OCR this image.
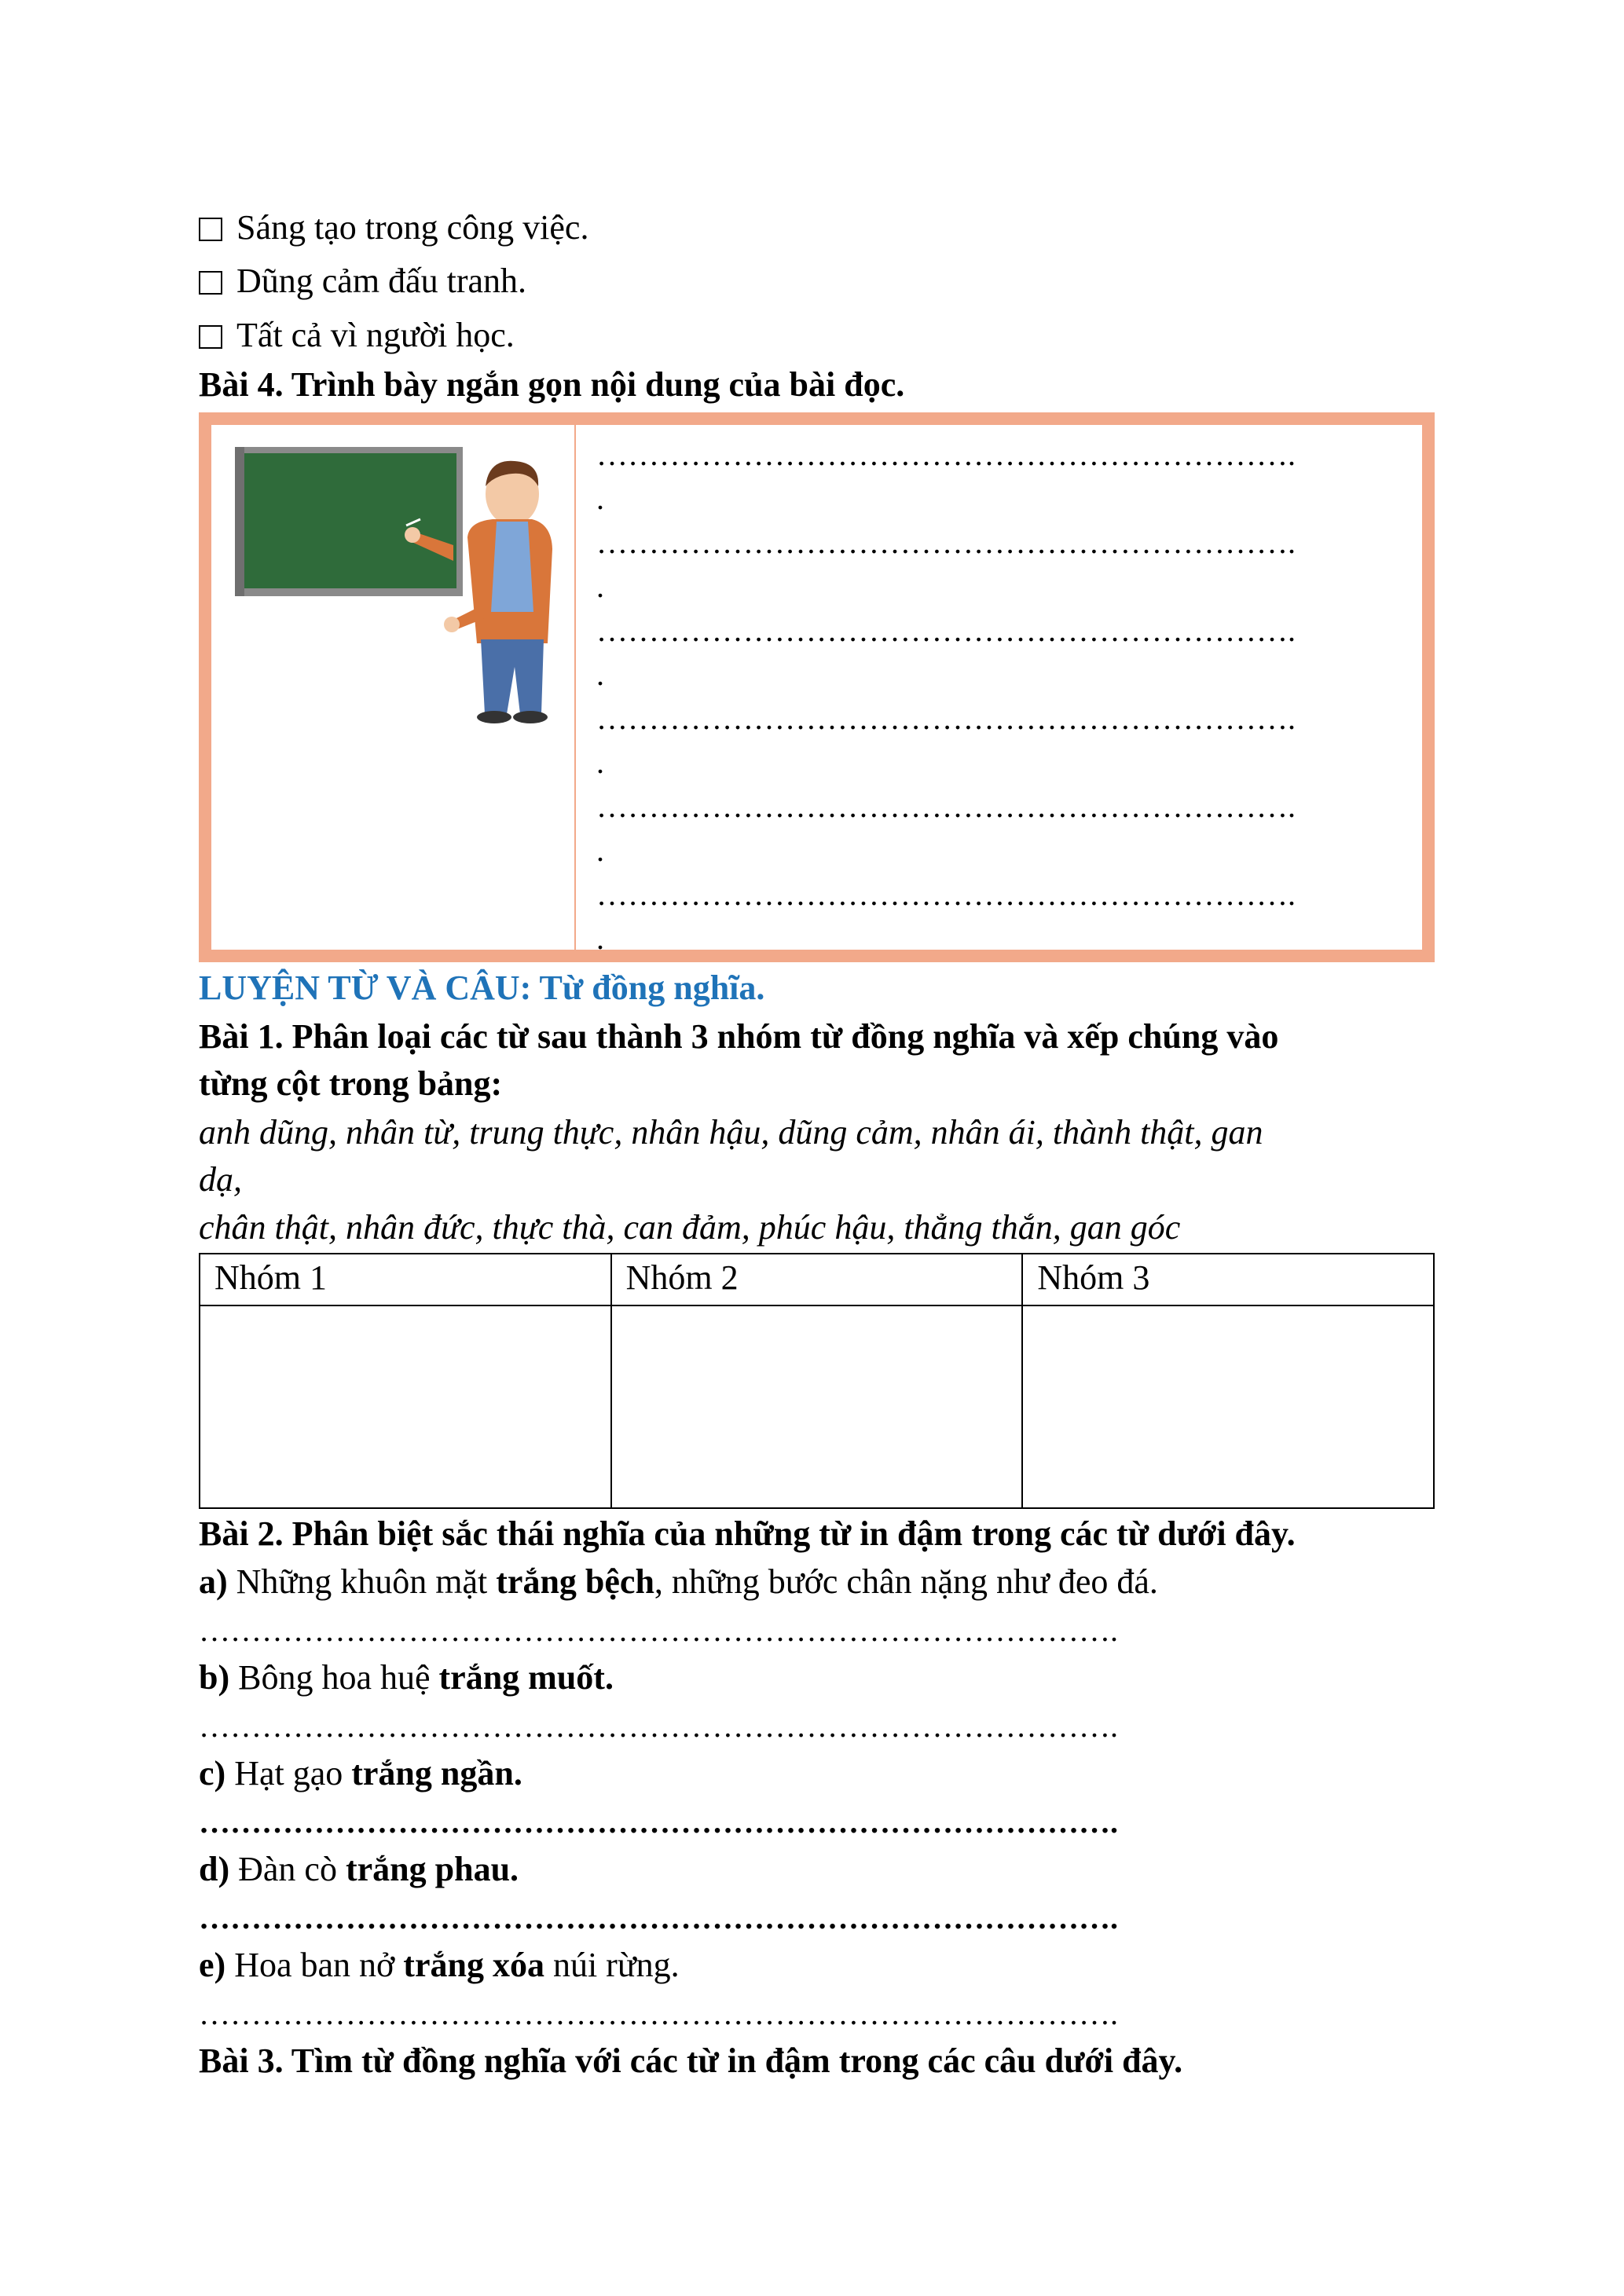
Sáng tạo trong công việc.
Dũng cảm đấu tranh.
Tất cả vì người học.
Bài 4. Trình bày ngắn gọn nội dung của bài đọc.
………………………………………………………….
.
………………………………………………………….
.
………………………………………………………….
.
………………………………………………………….
.
………………………………………………………….
.
………………………………………………………….
.
LUYỆN TỪ VÀ CÂU: Từ đồng nghĩa.
Bài 1. Phân loại các từ sau thành 3 nhóm từ đồng nghĩa và xếp chúng vào
từng cột trong bảng:
anh dũng, nhân từ, trung thực, nhân hậu, dũng cảm, nhân ái, thành thật, gan
dạ,
chân thật, nhân đức, thực thà, can đảm, phúc hậu, thẳng thắn, gan góc
Nhóm 1	Nhóm 2	Nhóm 3

Bài 2. Phân biệt sắc thái nghĩa của những từ in đậm trong các từ dưới đây.
a) Những khuôn mặt trắng bệch, những bước chân nặng như đeo đá.
…………………………………………………………………………….
b) Bông hoa huệ trắng muốt.
…………………………………………………………………………….
c) Hạt gạo trắng ngần.
…………………………………………………………………………….
d) Đàn cò trắng phau.
…………………………………………………………………………….
e) Hoa ban nở trắng xóa núi rừng.
…………………………………………………………………………….
Bài 3. Tìm từ đồng nghĩa với các từ in đậm trong các câu dưới đây.
